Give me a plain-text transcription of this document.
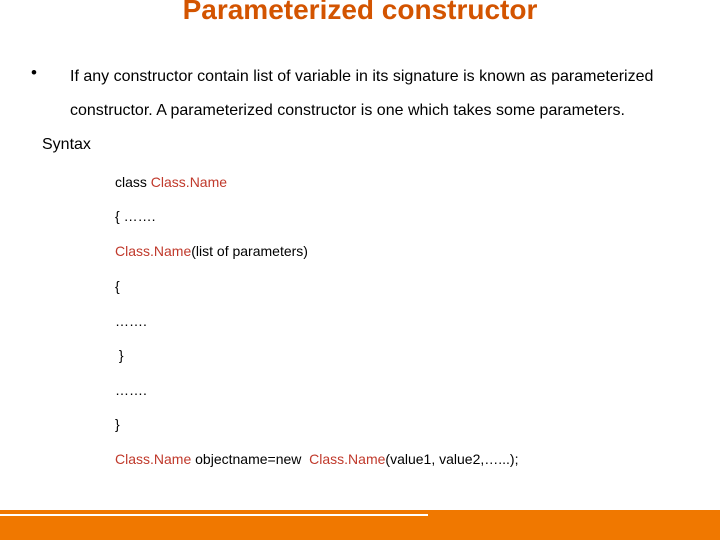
Parameterized constructor
• If any constructor contain list of variable in its signature is known as parameterized constructor. A parameterized constructor is one which takes some parameters.
Syntax
class Class.Name
{ …….
Class.Name(list of parameters)
{
…….
}
…….
}
Class.Name objectname=new  Class.Name(value1, value2,…...);
